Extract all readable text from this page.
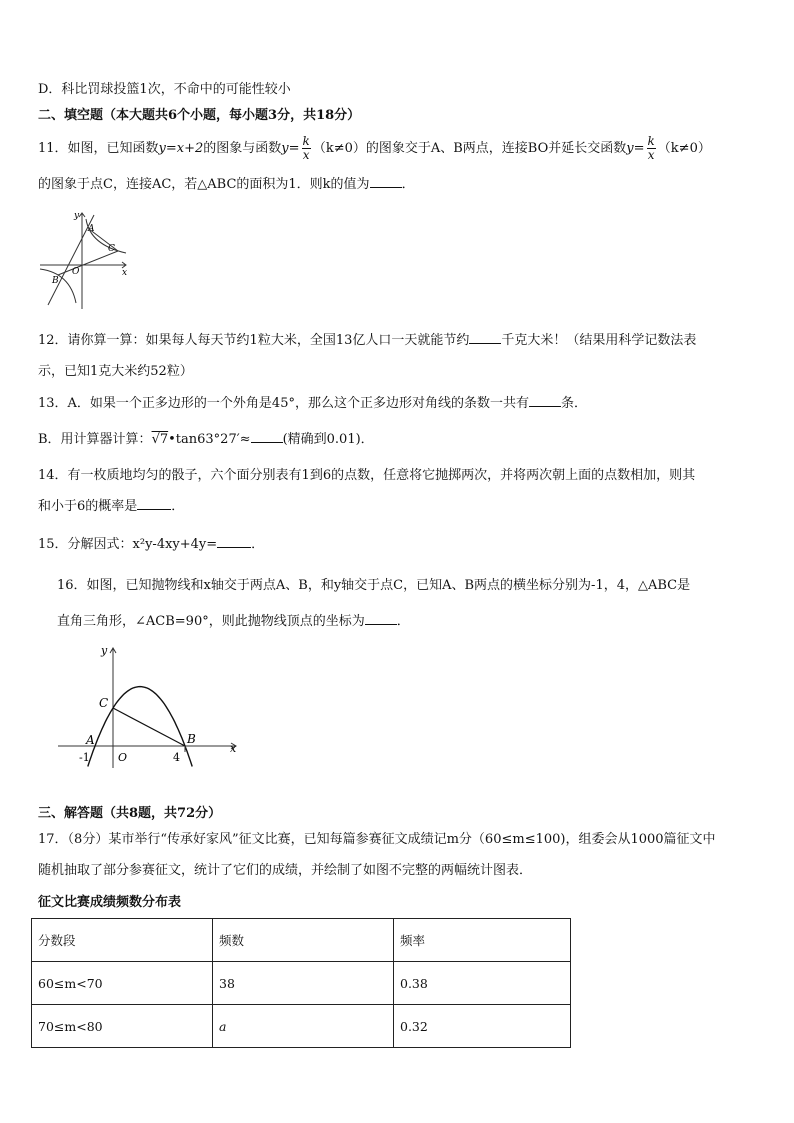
D．科比罚球投篮1次，不命中的可能性较小
二、填空题（本大题共6个小题，每小题3分，共18分）
11．如图，已知函数y=x+2的图象与函数$y= \frac{k}{x} (k\ne 0)$的图象交于A、B两点，连接BO并延长交函数$y= \frac{k}{x} (k\ne 0)$
的图象于点C，连接AC，若△ABC的面积为1．则k的值为 ．
y
x
O
A
B
C
12．请你算一算：如果每人每天节约1粒大米，全国13亿人口一天就能节约 千克大米！（结果用科学记数法表
示，已知1克大米约52粒）
13．A．如果一个正多边形的一个外角是45°，那么这个正多边形对角线的条数一共有 条．
B．用计算器计算：√7•tan63°27′≈ (精确到0.01)．
14．有一枚质地均匀的骰子，六个面分别表有1到6的点数，任意将它抛掷两次，并将两次朝上面的点数相加，则其
和小于6的概率是	．
15．分解因式：x²y-4xy+4y=	．
16．如图，已知抛物线和x轴交于两点A、B，和y轴交于点C，已知A、B两点的横坐标分别为-1，4，△ABC是
直角三角形，∠ACB=90°，则此抛物线顶点的坐标为 ．
y
x
O
C
A	B
-1	4
三、解答题（共8题，共72分）
17．（8分）某市举行“传承好家风”征文比赛，已知每篇参赛征文成绩记m分（60≤m≤100)，组委会从1000篇征文中
随机抽取了部分参赛征文，统计了它们的成绩，并绘制了如图不完整的两幅统计图表．
征文比赛成绩频数分布表
分数段	频数	频率
60≤m<70	38	0.38
70≤m<80	a	0.32
